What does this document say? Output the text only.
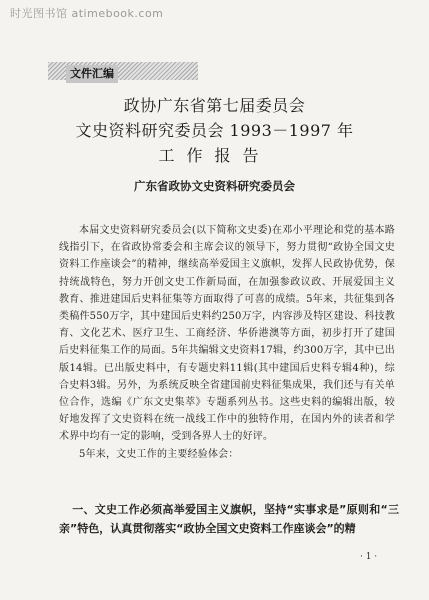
时光图书馆 atimebook.com
文件汇编
政协广东省第七届委员会
文史资料研究委员会 1993－1997 年
工作报告
广东省政协文史资料研究委员会

本届文史资料研究委员会(以下简称文史委)在邓小平理论和党的基本路线指引下，在省政协常委会和主席会议的领导下，努力贯彻“政协全国文史资料工作座谈会”的精神，继续高举爱国主义旗帜，发挥人民政协优势，保持统战特色，努力开创文史工作新局面，在加强参政议政、开展爱国主义教育、推进建国后史料征集等方面取得了可喜的成绩。5年来，共征集到各类稿件550万字，其中建国后史料约250万字，内容涉及特区建设、科技教育、文化艺术、医疗卫生、工商经济、华侨港澳等方面，初步打开了建国后史料征集工作的局面。5年共编辑文史资料17辑，约300万字，其中已出版14辑。已出版史料中，有专题史料11辑(其中建国后史料专辑4种)，综合史料3辑。另外，为系统反映全省建国前史料征集成果，我们还与有关单位合作，选编《广东文史集萃》专题系列丛书。这些史料的编辑出版，较好地发挥了文史资料在统一战线工作中的独特作用，在国内外的读者和学术界中均有一定的影响，受到各界人士的好评。

5年来，文史工作的主要经验体会：

一、文史工作必须高举爱国主义旗帜，坚持“实事求是”原则和“三亲”特色，认真贯彻落实“政协全国文史资料工作座谈会”的精

· 1 ·
